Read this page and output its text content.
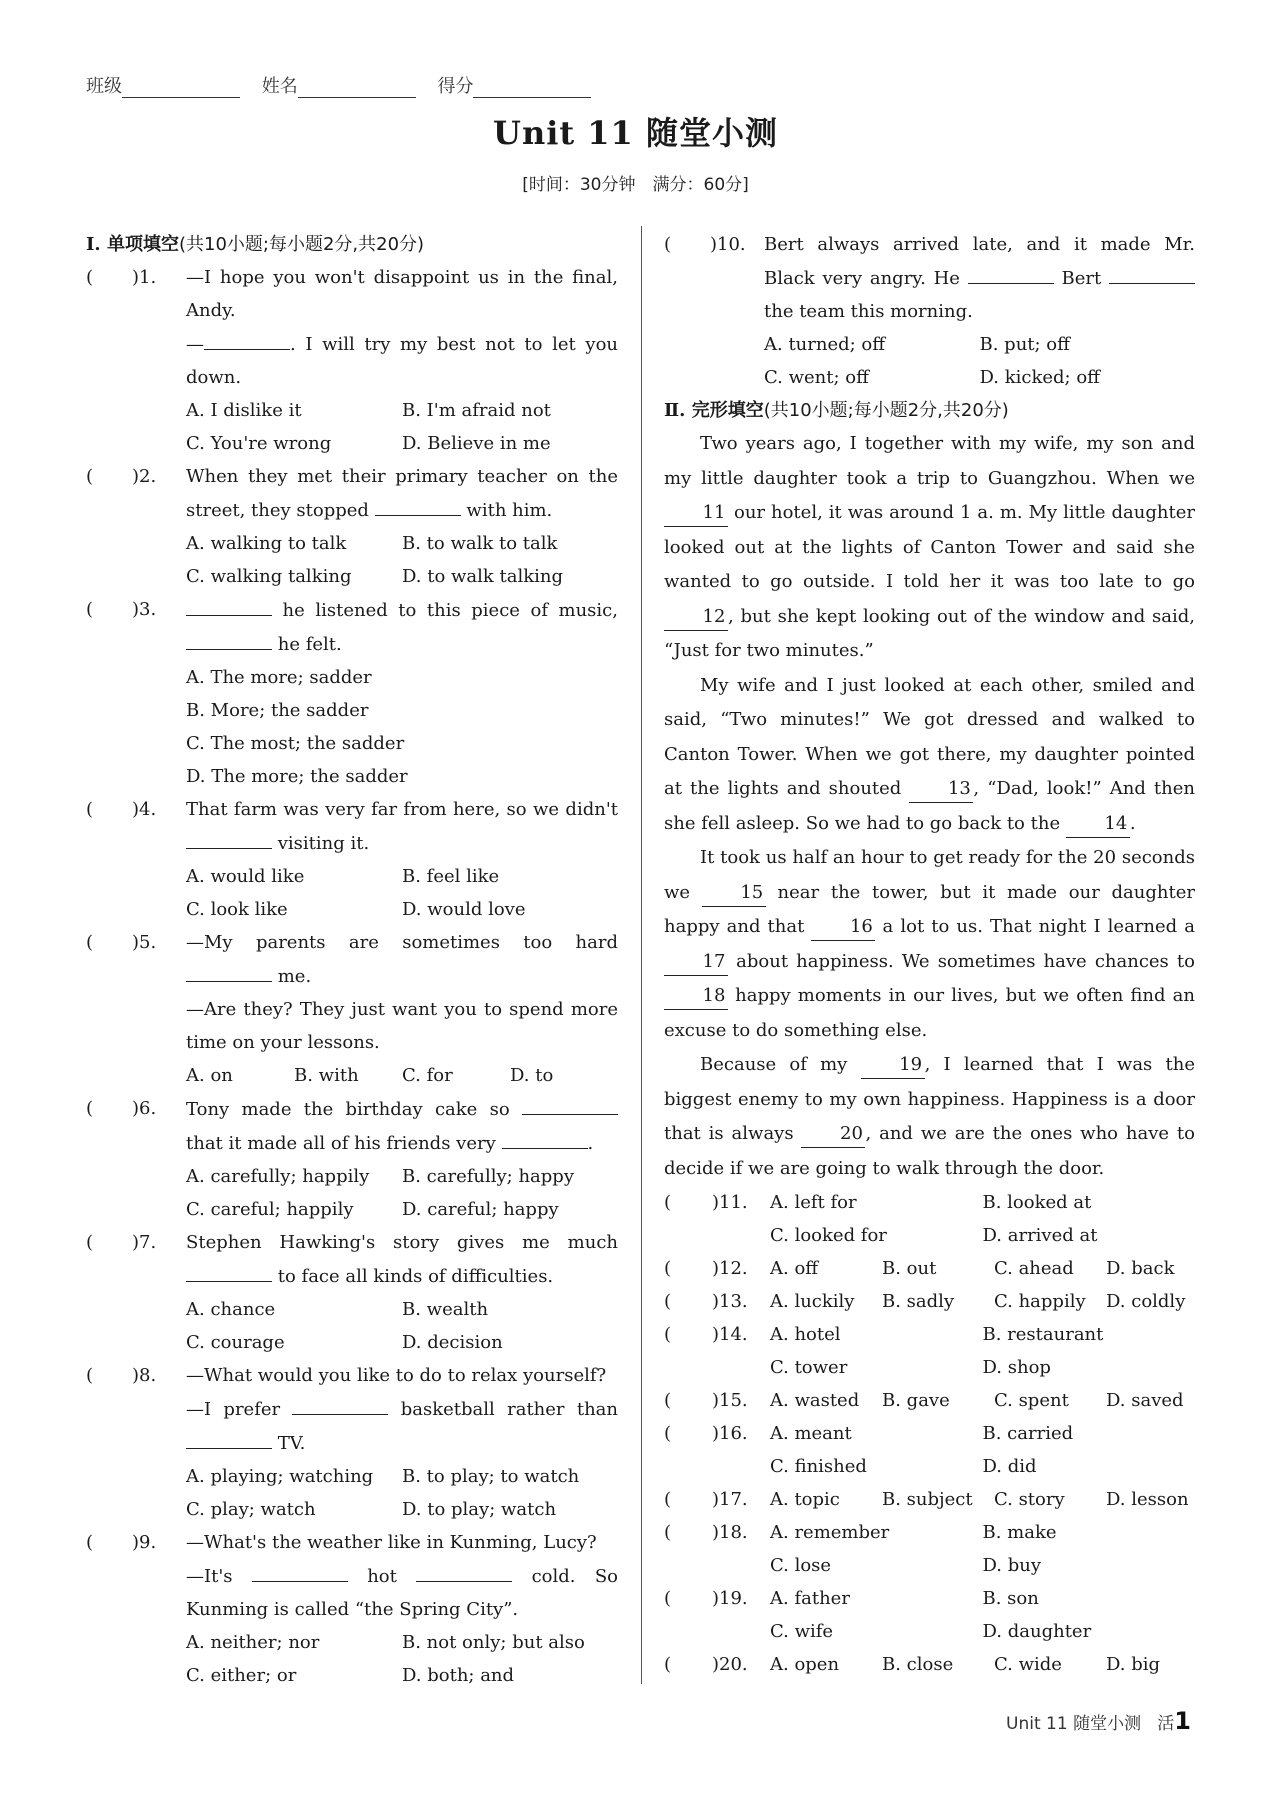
班级	姓名	得分
Unit 11 随堂小测
[时间：30分钟　满分：60分]
Ⅰ. 单项填空(共10小题;每小题2分,共20分)
( )1. —I hope you won't disappoint us in the final, Andy.
—	. I will try my best not to let you down.
A. I dislike it	B. I'm afraid not
C. You're wrong	D. Believe in me
( )2. When they met their primary teacher on the street, they stopped	with him.
A. walking to talk	B. to walk to talk
C. walking talking	D. to walk talking
( )3.	he listened to this piece of music,  he felt.
A. The more; sadder
B. More; the sadder
C. The most; the sadder
D. The more; the sadder
( )4. That farm was very far from here, so we didn't  visiting it.
A. would like	B. feel like
C. look like	D. would love
( )5. —My parents are sometimes too hard  me.
—Are they? They just want you to spend more time on your lessons.
A. on	B. with	C. for	D. to
( )6. Tony made the birthday cake so  that it made all of his friends very	.
A. carefully; happily	B. carefully; happy
C. careful; happily	D. careful; happy
( )7. Stephen Hawking's story gives me much  to face all kinds of difficulties.
A. chance	B. wealth
C. courage	D. decision
( )8. —What would you like to do to relax yourself?
—I prefer	basketball rather than  TV.
A. playing; watching	B. to play; to watch
C. play; watch	D. to play; watch
( )9. —What's the weather like in Kunming, Lucy?
—It's	hot	cold. So Kunming is called “the Spring City”.
A. neither; nor	B. not only; but also
C. either; or	D. both; and
( )10. Bert always arrived late, and it made Mr. Black very angry. He	Bert  the team this morning.
A. turned; off	B. put; off
C. went; off	D. kicked; off
Ⅱ. 完形填空(共10小题;每小题2分,共20分)

Two years ago, I together with my wife, my son and my little daughter took a trip to Guangzhou. When we 11 our hotel, it was around 1 a. m. My little daughter looked out at the lights of Canton Tower and said she wanted to go outside. I told her it was too late to go 12 , but she kept looking out of the window and said, “Just for two minutes.”

My wife and I just looked at each other, smiled and said, “Two minutes!” We got dressed and walked to Canton Tower. When we got there, my daughter pointed at the lights and shouted	13 , “Dad, look!” And then she fell asleep. So we had to go back to the 14 .

It took us half an hour to get ready for the 20 seconds we	15 near the tower, but it made our daughter happy and that	16 a lot to us. That night I learned a 17 about happiness. We sometimes have chances to 18 happy moments in our lives, but we often find an excuse to do something else.

Because of my	19 , I learned that I was the biggest enemy to my own happiness. Happiness is a door that is always	20 , and we are the ones who have to decide if we are going to walk through the door.

( )11. A. left for	B. looked at
C. looked for	D. arrived at
( )12. A. off	B. out	C. ahead	D. back
( )13. A. luckily	B. sadly	C. happily	D. coldly
( )14. A. hotel	B. restaurant
C. tower	D. shop
( )15. A. wasted	B. gave	C. spent	D. saved
( )16. A. meant	B. carried
C. finished	D. did
( )17. A. topic	B. subject	C. story	D. lesson
( )18. A. remember	B. make
C. lose	D. buy
( )19. A. father	B. son
C. wife	D. daughter
( )20. A. open	B. close	C. wide	D. big
Unit 11 随堂小测 活1
